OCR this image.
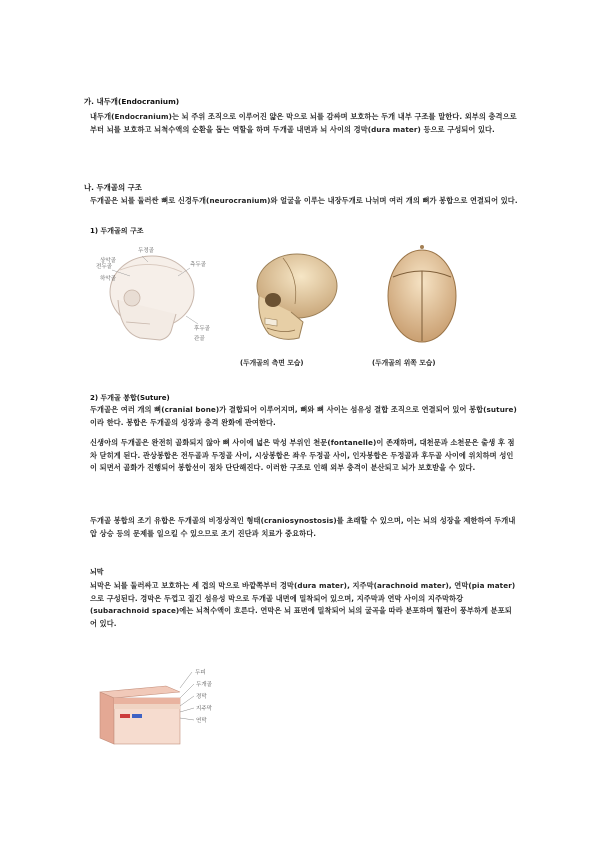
가. 내두개(Endocranium)

내두개(Endocranium)는 뇌 주위 조직으로 이루어진 얇은 막으로 뇌를 감싸며 보호하는 두개 내부 구조를 말한다. 외부의 충격으로부터 뇌를 보호하고 뇌척수액의 순환을 돕는 역할을 하며 두개골 내면과 뇌 사이의 경막(dura mater) 등으로 구성되어 있다.

나. 두개골의 구조

두개골은 뇌를 둘러싼 뼈로 신경두개(neurocranium)와 얼굴을 이루는 내장두개로 나뉘며 여러 개의 뼈가 봉합으로 연결되어 있다.

1) 두개골의 구조
전두골
두정골
측두골
후두골
상악골
하악골
관골
(두개골의 측면 모습)	(두개골의 위쪽 모습)
2) 두개골 봉합(Suture)

두개골은 여러 개의 뼈(cranial bone)가 결합되어 이루어지며, 뼈와 뼈 사이는 섬유성 결합 조직으로 연결되어 있어 봉합(suture)이라 한다. 봉합은 두개골의 성장과 충격 완화에 관여한다.

신생아의 두개골은 완전히 골화되지 않아 뼈 사이에 넓은 막성 부위인 천문(fontanelle)이 존재하며, 대천문과 소천문은 출생 후 점차 닫히게 된다. 관상봉합은 전두골과 두정골 사이, 시상봉합은 좌우 두정골 사이, 인자봉합은 두정골과 후두골 사이에 위치하며 성인이 되면서 골화가 진행되어 봉합선이 점차 단단해진다. 이러한 구조로 인해 외부 충격이 분산되고 뇌가 보호받을 수 있다.

두개골 봉합의 조기 유합은 두개골의 비정상적인 형태(craniosynostosis)를 초래할 수 있으며, 이는 뇌의 성장을 제한하여 두개내압 상승 등의 문제를 일으킬 수 있으므로 조기 진단과 치료가 중요하다.

뇌막

뇌막은 뇌를 둘러싸고 보호하는 세 겹의 막으로 바깥쪽부터 경막(dura mater), 지주막(arachnoid mater), 연막(pia mater)으로 구성된다. 경막은 두껍고 질긴 섬유성 막으로 두개골 내면에 밀착되어 있으며, 지주막과 연막 사이의 지주막하강(subarachnoid space)에는 뇌척수액이 흐른다. 연막은 뇌 표면에 밀착되어 뇌의 굴곡을 따라 분포하며 혈관이 풍부하게 분포되어 있다.

두피
두개골
경막
지주막
연막
